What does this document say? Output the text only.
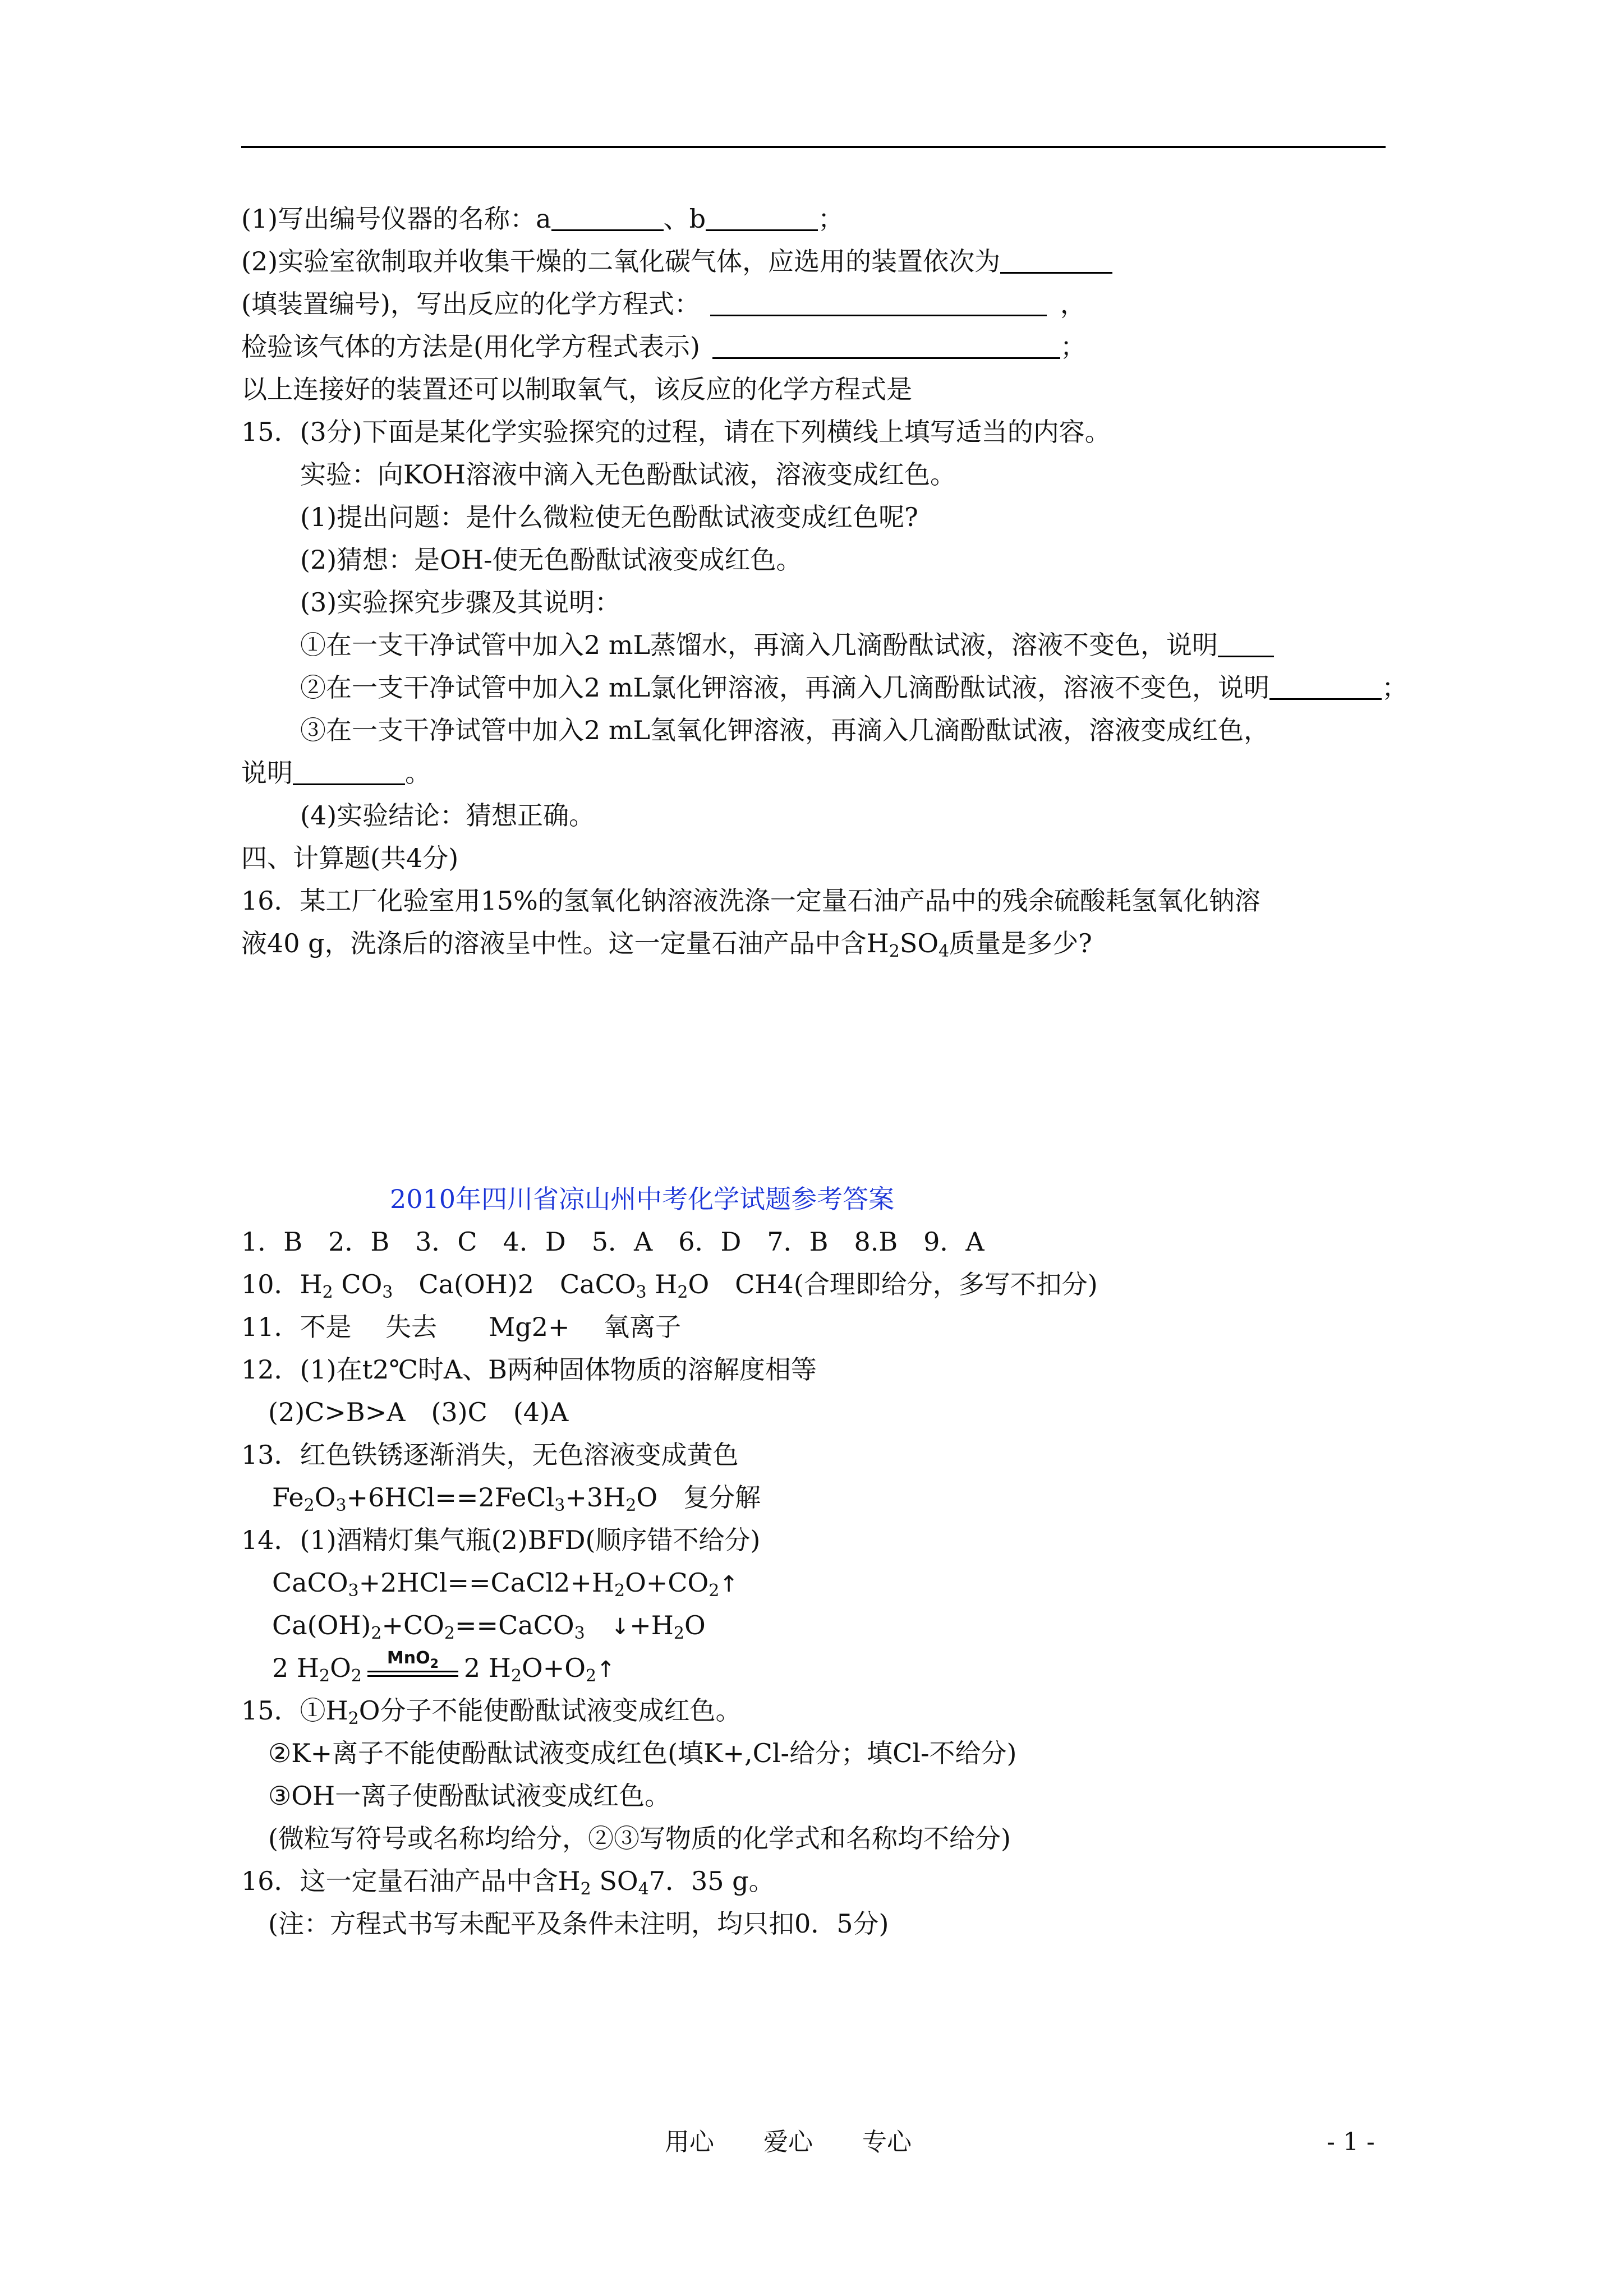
(1)写出编号仪器的名称：a	、b	；
(2)实验室欲制取并收集干燥的二氧化碳气体，应选用的装置依次为
(填装置编号)，写出反应的化学方程式：	，
检验该气体的方法是(用化学方程式表示)	；
以上连接好的装置还可以制取氧气，该反应的化学方程式是
15．(3分)下面是某化学实验探究的过程，请在下列横线上填写适当的内容。
实验：向KOH溶液中滴入无色酚酞试液，溶液变成红色。
(1)提出问题：是什么微粒使无色酚酞试液变成红色呢?
(2)猜想：是OH-使无色酚酞试液变成红色。
(3)实验探究步骤及其说明：
①在一支干净试管中加入2 mL蒸馏水，再滴入几滴酚酞试液，溶液不变色，说明
②在一支干净试管中加入2 mL氯化钾溶液，再滴入几滴酚酞试液，溶液不变色，说明	；
③在一支干净试管中加入2 mL氢氧化钾溶液，再滴入几滴酚酞试液，溶液变成红色，
说明	。
(4)实验结论：猜想正确。
四、计算题(共4分)
16．某工厂化验室用15%的氢氧化钠溶液洗涤一定量石油产品中的残余硫酸耗氢氧化钠溶
液40 g，洗涤后的溶液呈中性。这一定量石油产品中含$H_2SO_4$质量是多少?
2010年四川省凉山州中考化学试题参考答案
1．B　2．B　3．C　4．D　5．A　6．D　7．B　8.B　9．A
10．$H_2$ $CO_3$　Ca(OH)2　CaCO$_3$ $H_2O$　CH4(合理即给分，多写不扣分)
11．不是　 失去　　Mg2+　 氧离子
12．(1)在t2℃时A、B两种固体物质的溶解度相等
(2)C>B>A　(3)C　(4)A
13．红色铁锈逐渐消失，无色溶液变成黄色
$Fe_2O_3+6HCl==2FeCl_3+3H_2O$　复分解
14．(1)酒精灯集气瓶(2)BFD(顺序错不给分)
$CaCO_3+2HCl==CaCl2+H_2O+CO_2↑$
$Ca(OH)_2+CO_2==CaCO_3$　 $↓+H_2O$
2 $H_2O_2$
MnO$_2$ 2 $H_2O+O_2↑$
15．$①H_2O$分子不能使酚酞试液变成红色。
②K+离子不能使酚酞试液变成红色(填K+,Cl-给分；填Cl-不给分)
③OH一离子使酚酞试液变成红色。
(微粒写符号或名称均给分，②③写物质的化学式和名称均不给分)
16．这一定量石油产品中含$H_2$ $SO_47$．35 g。
(注：方程式书写未配平及条件未注明，均只扣0．5分)
用心　　爱心　　专心	- 1 -
